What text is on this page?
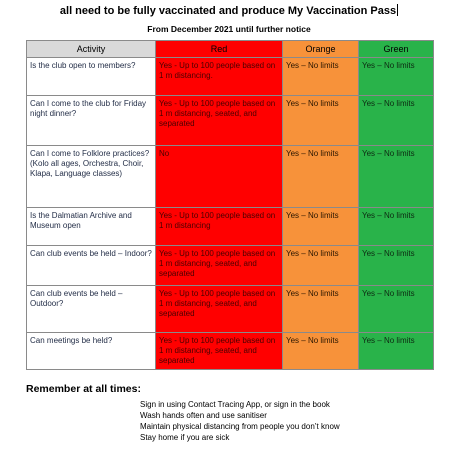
all need to be fully vaccinated and produce My Vaccination Pass
From December 2021 until further notice
Activity	Red	Orange	Green
Is the club open to members?	Yes - Up to 100 people based on 1 m distancing.	Yes – No limits	Yes – No limits
Can I come to the club for Friday night dinner?	Yes - Up to 100 people based on 1 m distancing, seated, and separated	Yes – No limits	Yes – No limits
Can I come to Folklore practices? (Kolo all ages, Orchestra, Choir, Klapa, Language classes)	No	Yes – No limits	Yes – No limits
Is the Dalmatian Archive and Museum open	Yes - Up to 100 people based on 1 m distancing	Yes – No limits	Yes – No limits
Can club events be held – Indoor?	Yes - Up to 100 people based on 1 m distancing, seated, and separated	Yes – No limits	Yes – No limits
Can club events be held – Outdoor?	Yes - Up to 100 people based on 1 m distancing, seated, and separated	Yes – No limits	Yes – No limits
Can meetings be held?	Yes - Up to 100 people based on 1 m distancing, seated, and separated	Yes – No limits	Yes – No limits
Remember at all times:
Sign in using Contact Tracing App, or sign in the book
Wash hands often and use sanitiser
Maintain physical distancing from people you don’t know
Stay home if you are sick
